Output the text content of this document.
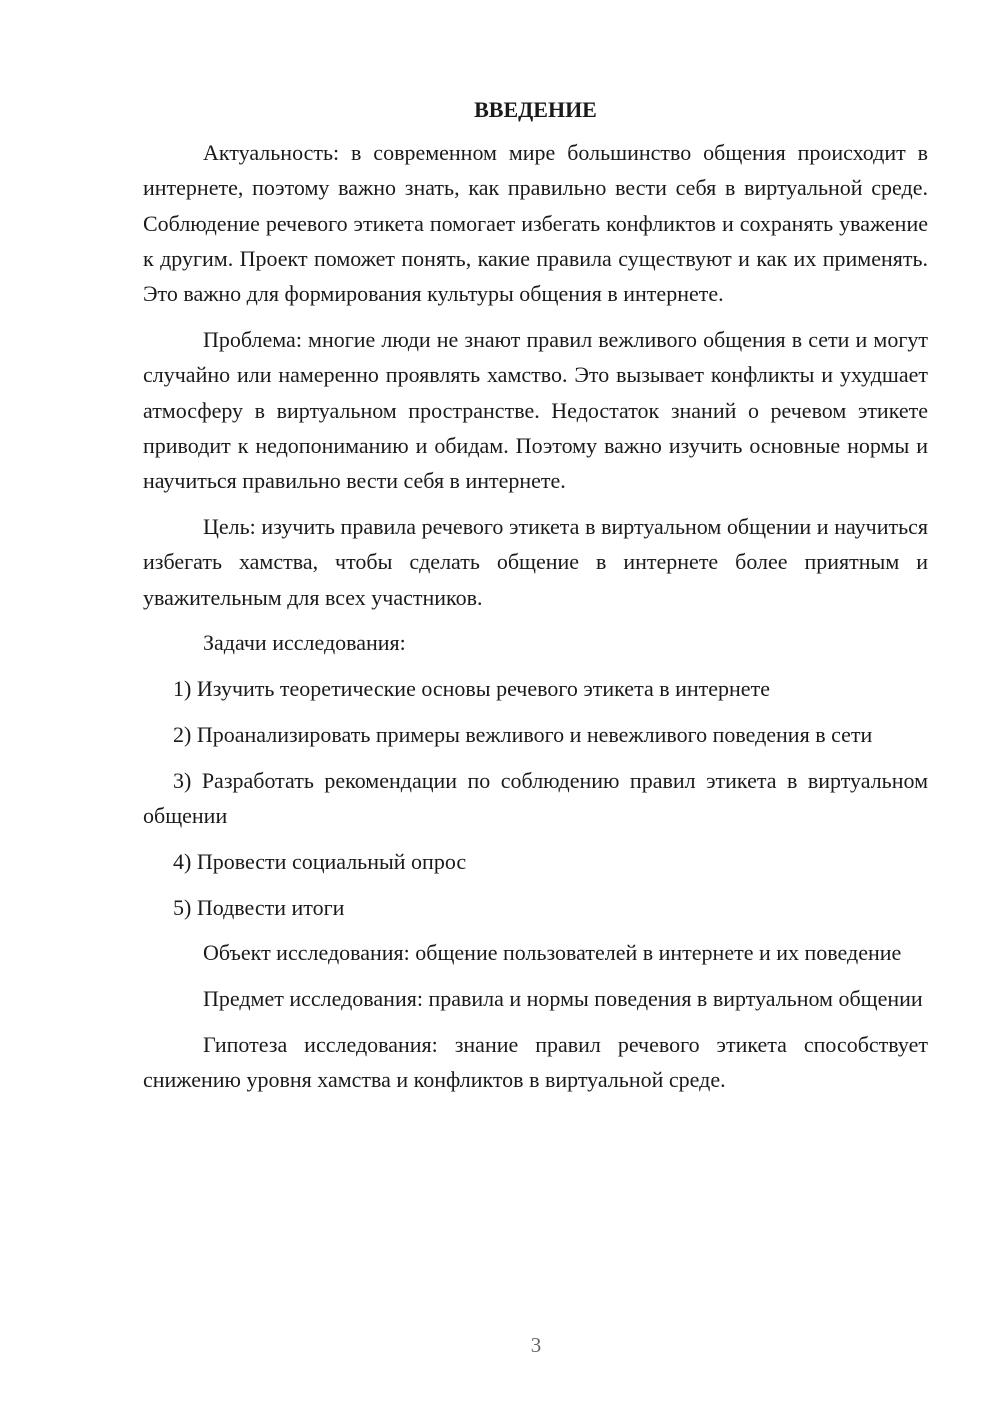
ВВЕДЕНИЕ

Актуальность: в современном мире большинство общения происходит в интернете, поэтому важно знать, как правильно вести себя в виртуальной среде. Соблюдение речевого этикета помогает избегать конфликтов и сохранять уважение к другим. Проект поможет понять, какие правила существуют и как их применять. Это важно для формирования культуры общения в интернете.

Проблема: многие люди не знают правил вежливого общения в сети и могут случайно или намеренно проявлять хамство. Это вызывает конфликты и ухудшает атмосферу в виртуальном пространстве. Недостаток знаний о речевом этикете приводит к недопониманию и обидам. Поэтому важно изучить основные нормы и научиться правильно вести себя в интернете.

Цель: изучить правила речевого этикета в виртуальном общении и научиться избегать хамства, чтобы сделать общение в интернете более приятным и уважительным для всех участников.

Задачи исследования:

1) Изучить теоретические основы речевого этикета в интернете

2) Проанализировать примеры вежливого и невежливого поведения в сети

3) Разработать рекомендации по соблюдению правил этикета в виртуальном общении

4) Провести социальный опрос

5) Подвести итоги

Объект исследования: общение пользователей в интернете и их поведение

Предмет исследования: правила и нормы поведения в виртуальном общении

Гипотеза исследования: знание правил речевого этикета способствует снижению уровня хамства и конфликтов в виртуальной среде.

3
